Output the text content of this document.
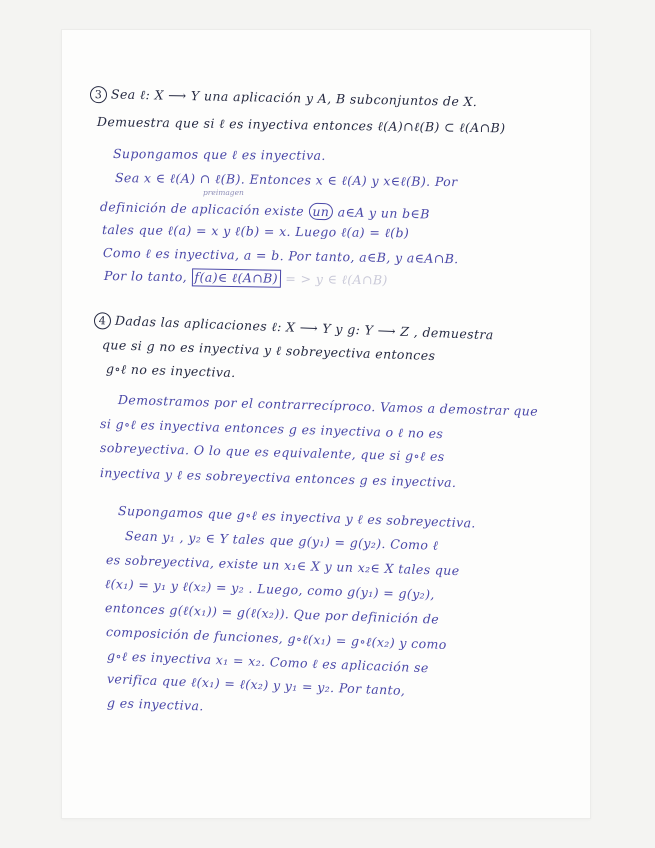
3 Sea ℓ: X ⟶ Y una aplicación y A, B subconjuntos de X.
Demuestra que si ℓ es inyectiva entonces ℓ(A)∩ℓ(B) ⊂ ℓ(A∩B)
Supongamos que ℓ es inyectiva.
Sea x ∈ ℓ(A) ∩ ℓ(B). Entonces x ∈ ℓ(A) y x∈ℓ(B). Por
preimagen
definición de aplicación existe un a∈A y un b∈B
tales que ℓ(a) = x y ℓ(b) = x. Luego ℓ(a) = ℓ(b)
Como ℓ es inyectiva, a = b. Por tanto, a∈B, y a∈A∩B.
Por lo tanto, f(a)∈ ℓ(A∩B) = > y ∈ ℓ(A∩B)
4 Dadas las aplicaciones ℓ: X ⟶ Y y g: Y ⟶ Z , demuestra
que si g no es inyectiva y ℓ sobreyectiva entonces
g∘ℓ no es inyectiva.
Demostramos por el contrarrecíproco. Vamos a demostrar que
si g∘ℓ es inyectiva entonces g es inyectiva o ℓ no es
sobreyectiva. O lo que es equivalente, que si g∘ℓ es
inyectiva y ℓ es sobreyectiva entonces g es inyectiva.
Supongamos que g∘ℓ es inyectiva y ℓ es sobreyectiva.
Sean y₁ , y₂ ∈ Y tales que g(y₁) = g(y₂). Como ℓ
es sobreyectiva, existe un x₁∈ X y un x₂∈ X tales que
ℓ(x₁) = y₁ y ℓ(x₂) = y₂ . Luego, como g(y₁) = g(y₂),
entonces g(ℓ(x₁)) = g(ℓ(x₂)). Que por definición de
composición de funciones, g∘ℓ(x₁) = g∘ℓ(x₂) y como
g∘ℓ es inyectiva x₁ = x₂. Como ℓ es aplicación se
verifica que ℓ(x₁) = ℓ(x₂) y y₁ = y₂. Por tanto,
g es inyectiva.
